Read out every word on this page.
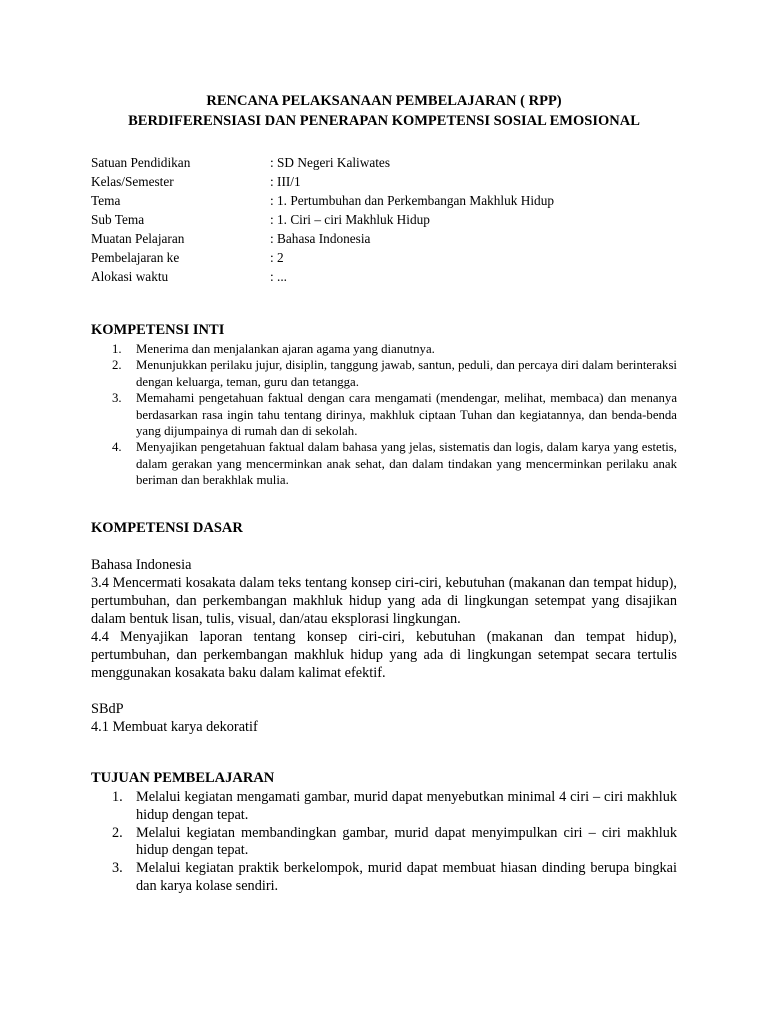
RENCANA PELAKSANAAN PEMBELAJARAN ( RPP)
BERDIFERENSIASI DAN PENERAPAN KOMPETENSI SOSIAL EMOSIONAL
Satuan Pendidikan	: SD Negeri Kaliwates
Kelas/Semester	: III/1
Tema	: 1. Pertumbuhan dan Perkembangan Makhluk Hidup
Sub Tema	: 1. Ciri – ciri Makhluk Hidup
Muatan Pelajaran	: Bahasa Indonesia
Pembelajaran ke	: 2
Alokasi waktu	: ...
KOMPETENSI INTI
1.	Menerima dan menjalankan ajaran agama yang dianutnya.
2.	Menunjukkan perilaku jujur, disiplin, tanggung jawab, santun, peduli, dan percaya diri dalam berinteraksi dengan keluarga, teman, guru dan tetangga.
3.	Memahami pengetahuan faktual dengan cara mengamati (mendengar, melihat, membaca) dan menanya berdasarkan rasa ingin tahu tentang dirinya, makhluk ciptaan Tuhan dan kegiatannya, dan benda-benda yang dijumpainya di rumah dan di sekolah.
4.	Menyajikan pengetahuan faktual dalam bahasa yang jelas, sistematis dan logis, dalam karya yang estetis, dalam gerakan yang mencerminkan anak sehat, dan dalam tindakan yang mencerminkan perilaku anak beriman dan berakhlak mulia.
KOMPETENSI DASAR
Bahasa Indonesia
3.4 Mencermati kosakata dalam teks tentang konsep ciri-ciri, kebutuhan (makanan dan tempat hidup), pertumbuhan, dan perkembangan makhluk hidup yang ada di lingkungan setempat yang disajikan dalam bentuk lisan, tulis, visual, dan/atau eksplorasi lingkungan.
4.4 Menyajikan laporan tentang konsep ciri-ciri, kebutuhan (makanan dan tempat hidup), pertumbuhan, dan perkembangan makhluk hidup yang ada di lingkungan setempat secara tertulis menggunakan kosakata baku dalam kalimat efektif.
SBdP
4.1 Membuat karya dekoratif
TUJUAN PEMBELAJARAN
1. Melalui kegiatan mengamati gambar, murid dapat menyebutkan minimal 4 ciri – ciri makhluk hidup dengan tepat.
2. Melalui kegiatan membandingkan gambar, murid dapat menyimpulkan ciri – ciri makhluk hidup dengan tepat.
3. Melalui kegiatan praktik berkelompok, murid dapat membuat hiasan dinding berupa bingkai dan karya kolase sendiri.
